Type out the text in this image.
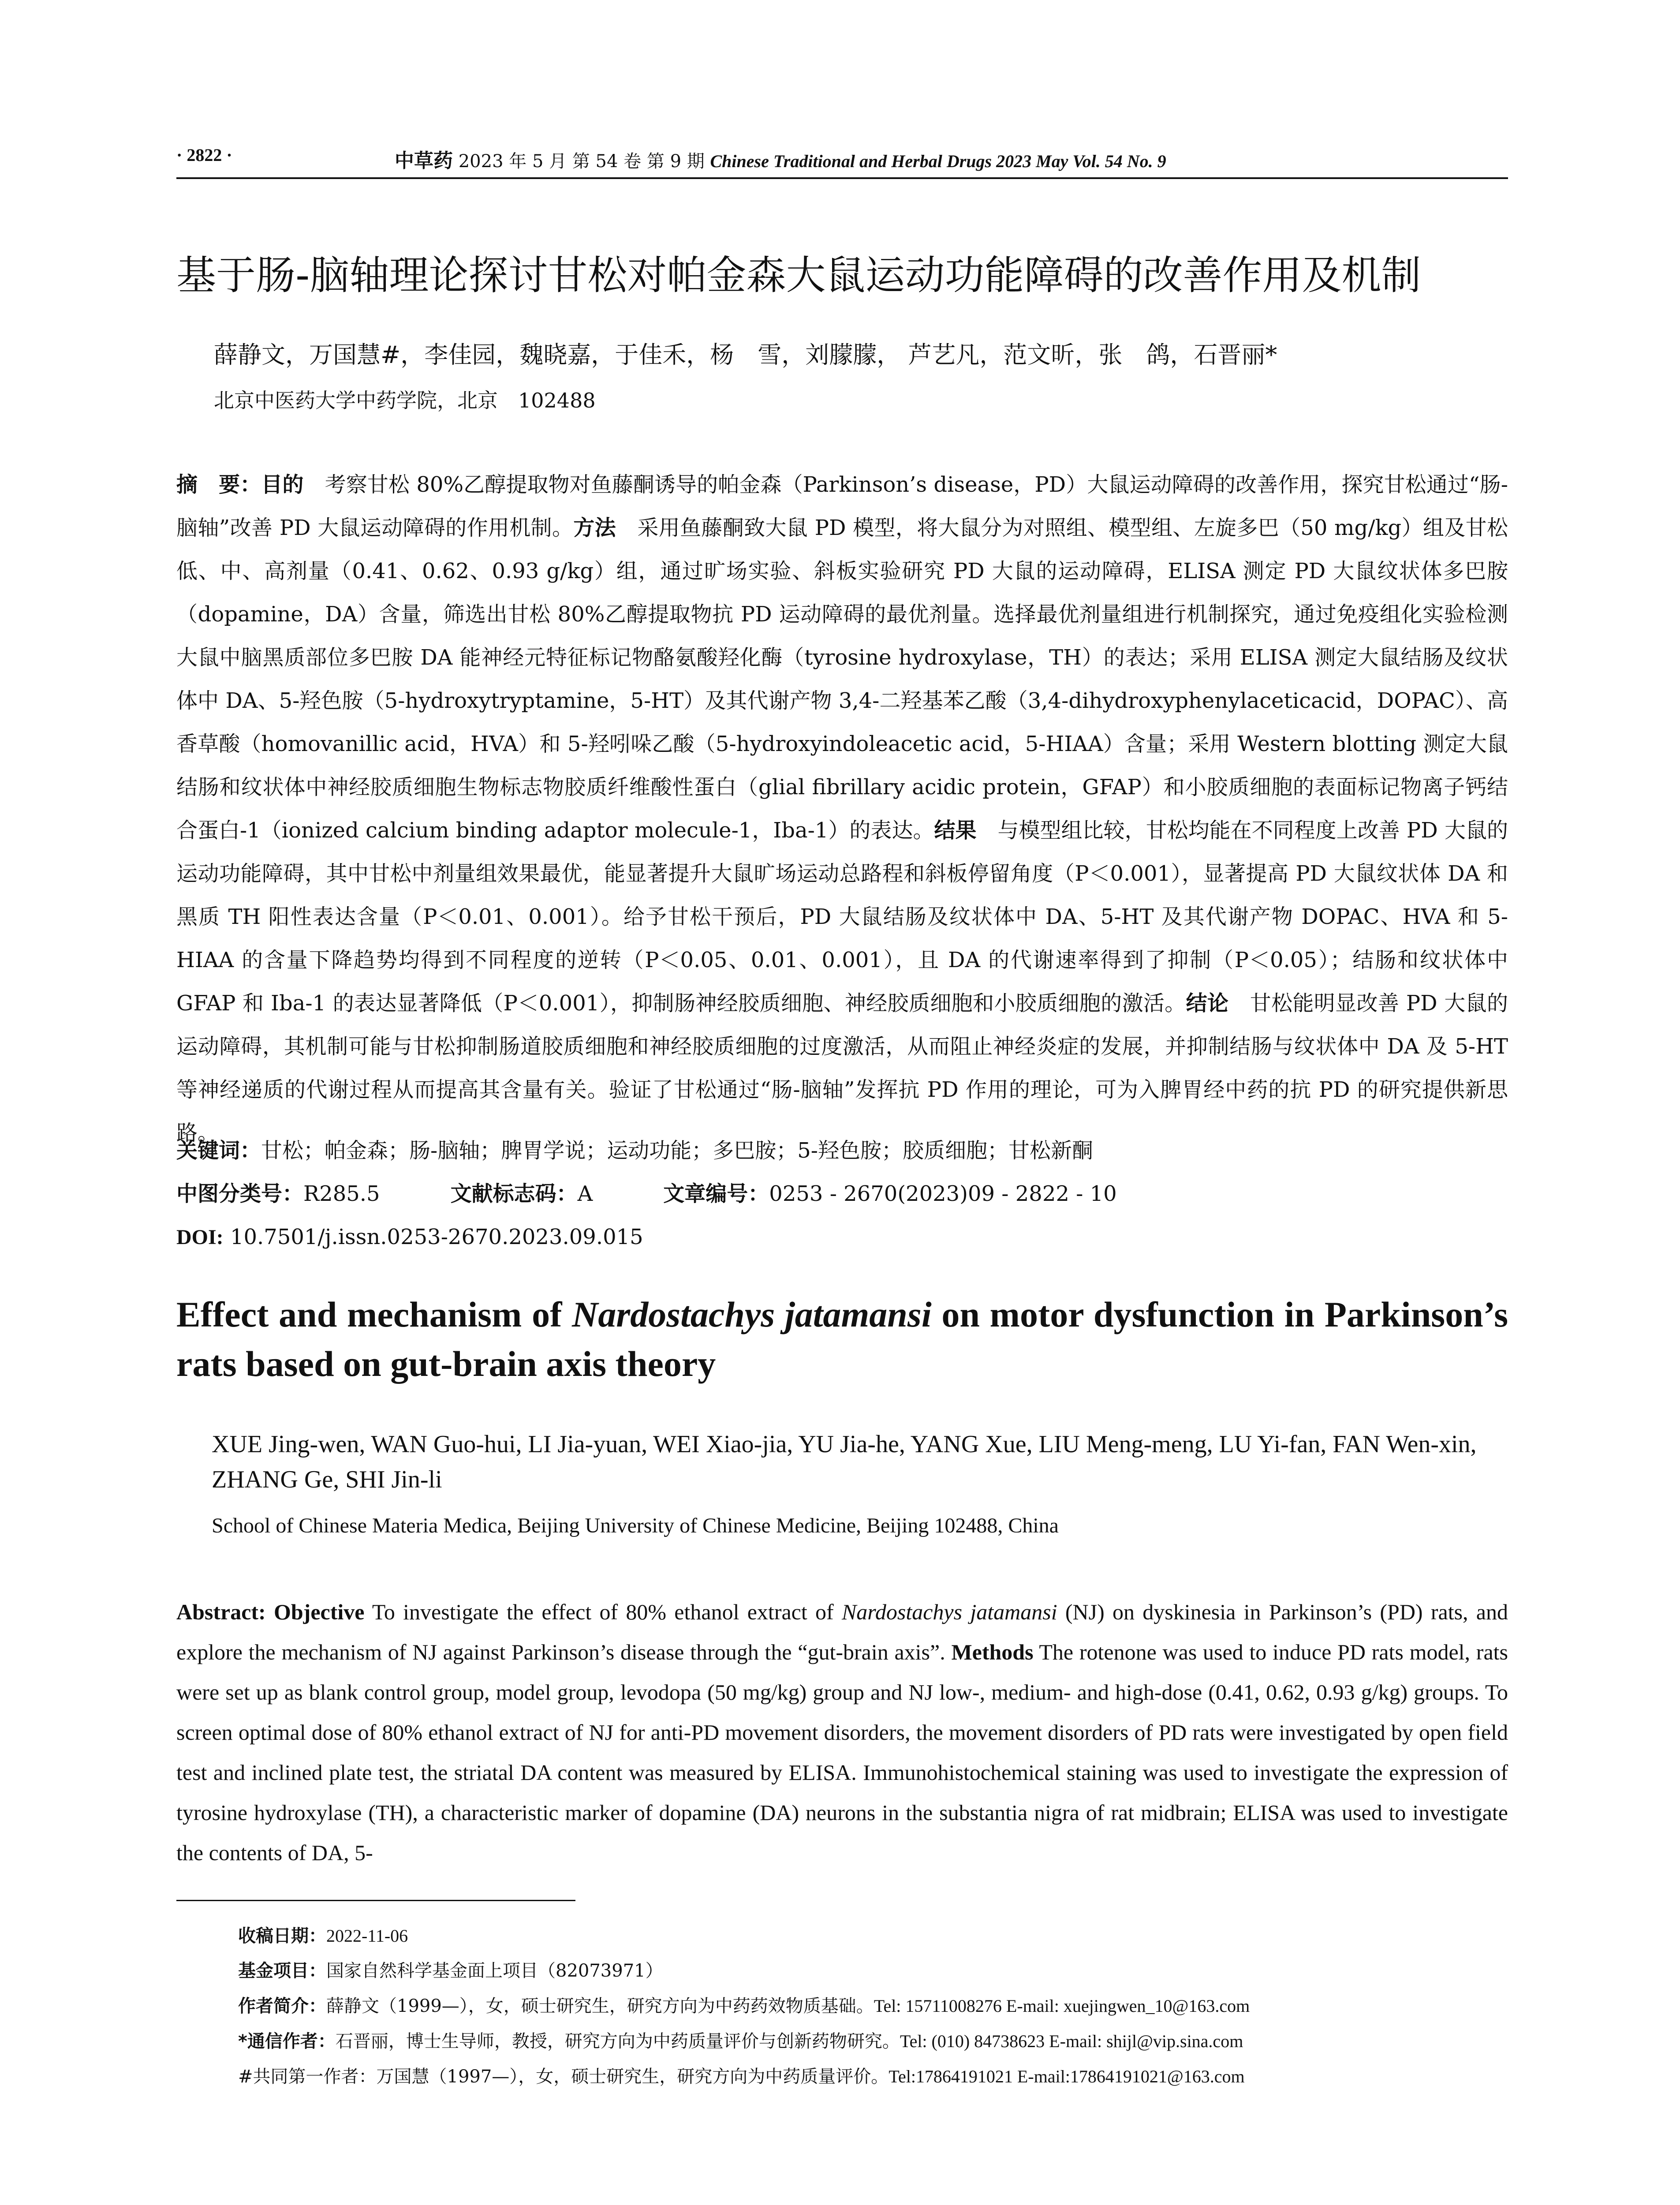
· 2822 ·	中草药 2023 年 5 月 第 54 卷 第 9 期 Chinese Traditional and Herbal Drugs 2023 May Vol. 54 No. 9
基于肠-脑轴理论探讨甘松对帕金森大鼠运动功能障碍的改善作用及机制
薛静文，万国慧#，李佳园，魏晓嘉，于佳禾，杨　雪，刘朦朦， 芦艺凡，范文昕，张　鸽，石晋丽*
北京中医药大学中药学院，北京　102488

摘　要：目的　考察甘松 80%乙醇提取物对鱼藤酮诱导的帕金森（Parkinson’s disease，PD）大鼠运动障碍的改善作用，探究甘松通过“肠-脑轴”改善 PD 大鼠运动障碍的作用机制。方法　采用鱼藤酮致大鼠 PD 模型，将大鼠分为对照组、模型组、左旋多巴（50 mg/kg）组及甘松低、中、高剂量（0.41、0.62、0.93 g/kg）组，通过旷场实验、斜板实验研究 PD 大鼠的运动障碍，ELISA 测定 PD 大鼠纹状体多巴胺（dopamine，DA）含量，筛选出甘松 80%乙醇提取物抗 PD 运动障碍的最优剂量。选择最优剂量组进行机制探究，通过免疫组化实验检测大鼠中脑黑质部位多巴胺 DA 能神经元特征标记物酪氨酸羟化酶（tyrosine hydroxylase，TH）的表达；采用 ELISA 测定大鼠结肠及纹状体中 DA、5-羟色胺（5-hydroxytryptamine，5-HT）及其代谢产物 3,4-二羟基苯乙酸（3,4-dihydroxyphenylaceticacid，DOPAC）、高香草酸（homovanillic acid，HVA）和 5-羟吲哚乙酸（5-hydroxyindoleacetic acid，5-HIAA）含量；采用 Western blotting 测定大鼠结肠和纹状体中神经胶质细胞生物标志物胶质纤维酸性蛋白（glial fibrillary acidic protein，GFAP）和小胶质细胞的表面标记物离子钙结合蛋白-1（ionized calcium binding adaptor molecule-1，Iba-1）的表达。结果　与模型组比较，甘松均能在不同程度上改善 PD 大鼠的运动功能障碍，其中甘松中剂量组效果最优，能显著提升大鼠旷场运动总路程和斜板停留角度（P＜0.001），显著提高 PD 大鼠纹状体 DA 和黑质 TH 阳性表达含量（P＜0.01、0.001）。给予甘松干预后，PD 大鼠结肠及纹状体中 DA、5-HT 及其代谢产物 DOPAC、HVA 和 5-HIAA 的含量下降趋势均得到不同程度的逆转（P＜0.05、0.01、0.001），且 DA 的代谢速率得到了抑制（P＜0.05）；结肠和纹状体中 GFAP 和 Iba-1 的表达显著降低（P＜0.001），抑制肠神经胶质细胞、神经胶质细胞和小胶质细胞的激活。结论　甘松能明显改善 PD 大鼠的运动障碍，其机制可能与甘松抑制肠道胶质细胞和神经胶质细胞的过度激活，从而阻止神经炎症的发展，并抑制结肠与纹状体中 DA 及 5-HT 等神经递质的代谢过程从而提高其含量有关。验证了甘松通过“肠-脑轴”发挥抗 PD 作用的理论，可为入脾胃经中药的抗 PD 的研究提供新思路。

关键词：甘松；帕金森；肠-脑轴；脾胃学说；运动功能；多巴胺；5-羟色胺；胶质细胞；甘松新酮

中图分类号：R285.5	文献标志码：A	文章编号：0253 - 2670(2023)09 - 2822 - 10

DOI: 10.7501/j.issn.0253-2670.2023.09.015

Effect and mechanism of Nardostachys jatamansi on motor dysfunction in Parkinson’s rats based on gut-brain axis theory
XUE Jing-wen, WAN Guo-hui, LI Jia-yuan, WEI Xiao-jia, YU Jia-he, YANG Xue, LIU Meng-meng, LU Yi-fan, FAN Wen-xin, ZHANG Ge, SHI Jin-li
School of Chinese Materia Medica, Beijing University of Chinese Medicine, Beijing 102488, China

Abstract: Objective To investigate the effect of 80% ethanol extract of Nardostachys jatamansi (NJ) on dyskinesia in Parkinson’s (PD) rats, and explore the mechanism of NJ against Parkinson’s disease through the “gut-brain axis”. Methods The rotenone was used to induce PD rats model, rats were set up as blank control group, model group, levodopa (50 mg/kg) group and NJ low-, medium- and high-dose (0.41, 0.62, 0.93 g/kg) groups. To screen optimal dose of 80% ethanol extract of NJ for anti-PD movement disorders, the movement disorders of PD rats were investigated by open field test and inclined plate test, the striatal DA content was measured by ELISA. Immunohistochemical staining was used to investigate the expression of tyrosine hydroxylase (TH), a characteristic marker of dopamine (DA) neurons in the substantia nigra of rat midbrain; ELISA was used to investigate the contents of DA, 5-

收稿日期：2022-11-06

基金项目：国家自然科学基金面上项目（82073971）

作者简介：薛静文（1999—），女，硕士研究生，研究方向为中药药效物质基础。Tel: 15711008276 E-mail: xuejingwen_10@163.com

*通信作者：石晋丽，博士生导师，教授，研究方向为中药质量评价与创新药物研究。Tel: (010) 84738623 E-mail: shijl@vip.sina.com

#共同第一作者：万国慧（1997—），女，硕士研究生，研究方向为中药质量评价。Tel:17864191021 E-mail:17864191021@163.com
